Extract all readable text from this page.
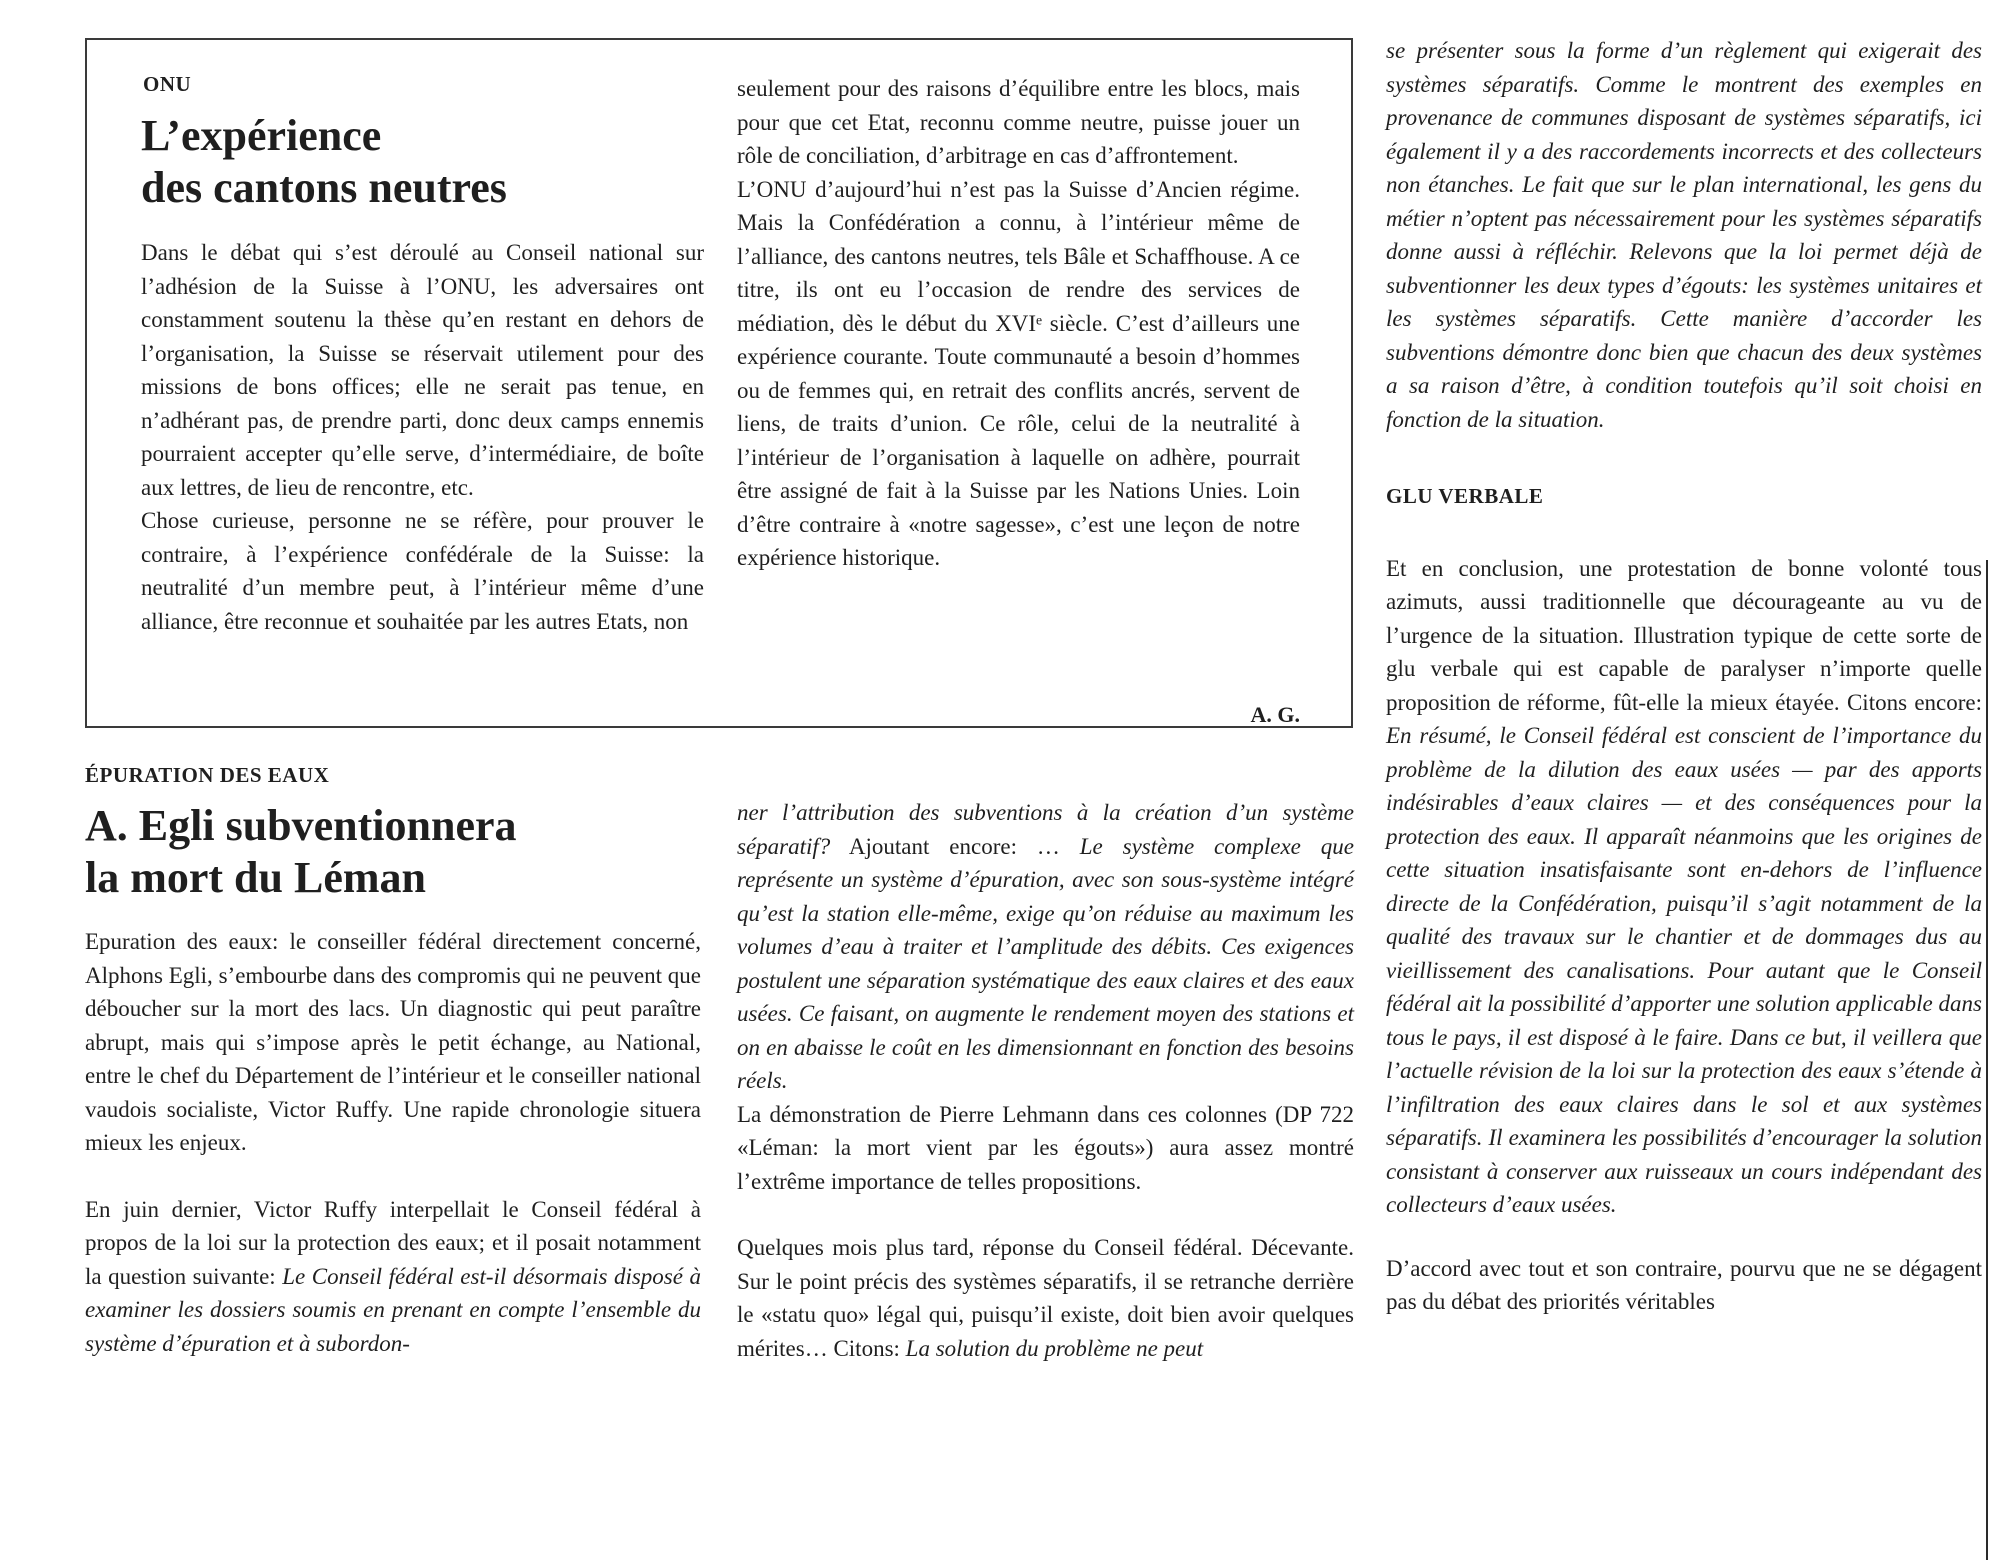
ONU
L’expérience
des cantons neutres

Dans le débat qui s’est déroulé au Conseil national sur l’adhésion de la Suisse à l’ONU, les adversaires ont constamment soutenu la thèse qu’en restant en dehors de l’organisation, la Suisse se réservait utilement pour des missions de bons offices; elle ne serait pas tenue, en n’adhérant pas, de prendre parti, donc deux camps ennemis pourraient accepter qu’elle serve, d’intermédiaire, de boîte aux lettres, de lieu de rencontre, etc.

Chose curieuse, personne ne se réfère, pour prouver le contraire, à l’expérience confédérale de la Suisse: la neutralité d’un membre peut, à l’intérieur même d’une alliance, être reconnue et souhaitée par les autres Etats, non

seulement pour des raisons d’équilibre entre les blocs, mais pour que cet Etat, reconnu comme neutre, puisse jouer un rôle de conciliation, d’arbitrage en cas d’affrontement.

L’ONU d’aujourd’hui n’est pas la Suisse d’Ancien régime. Mais la Confédération a connu, à l’intérieur même de l’alliance, des cantons neutres, tels Bâle et Schaffhouse. A ce titre, ils ont eu l’occasion de rendre des services de médiation, dès le début du XVIᵉ siècle. C’est d’ailleurs une expérience courante. Toute communauté a besoin d’hommes ou de femmes qui, en retrait des conflits ancrés, servent de liens, de traits d’union. Ce rôle, celui de la neutralité à l’intérieur de l’organisation à laquelle on adhère, pourrait être assigné de fait à la Suisse par les Nations Unies. Loin d’être contraire à «notre sagesse», c’est une leçon de notre expérience historique.

A. G.
ÉPURATION DES EAUX
A. Egli subventionnera
la mort du Léman

Epuration des eaux: le conseiller fédéral directement concerné, Alphons Egli, s’embourbe dans des compromis qui ne peuvent que déboucher sur la mort des lacs. Un diagnostic qui peut paraître abrupt, mais qui s’impose après le petit échange, au National, entre le chef du Département de l’intérieur et le conseiller national vaudois socialiste, Victor Ruffy. Une rapide chronologie situera mieux les enjeux.

En juin dernier, Victor Ruffy interpellait le Conseil fédéral à propos de la loi sur la protection des eaux; et il posait notamment la question suivante: Le Conseil fédéral est-il désormais disposé à examiner les dossiers soumis en prenant en compte l’ensemble du système d’épuration et à subordon-

ner l’attribution des subventions à la création d’un système séparatif? Ajoutant encore: … Le système complexe que représente un système d’épuration, avec son sous-système intégré qu’est la station elle-même, exige qu’on réduise au maximum les volumes d’eau à traiter et l’amplitude des débits. Ces exigences postulent une séparation systématique des eaux claires et des eaux usées. Ce faisant, on augmente le rendement moyen des stations et on en abaisse le coût en les dimensionnant en fonction des besoins réels.

La démonstration de Pierre Lehmann dans ces colonnes (DP 722 «Léman: la mort vient par les égouts») aura assez montré l’extrême importance de telles propositions.

Quelques mois plus tard, réponse du Conseil fédéral. Décevante. Sur le point précis des systèmes séparatifs, il se retranche derrière le «statu quo» légal qui, puisqu’il existe, doit bien avoir quelques mérites… Citons: La solution du problème ne peut

se présenter sous la forme d’un règlement qui exigerait des systèmes séparatifs. Comme le montrent des exemples en provenance de communes disposant de systèmes séparatifs, ici également il y a des raccordements incorrects et des collecteurs non étanches. Le fait que sur le plan international, les gens du métier n’optent pas nécessairement pour les systèmes séparatifs donne aussi à réfléchir. Relevons que la loi permet déjà de subventionner les deux types d’égouts: les systèmes unitaires et les systèmes séparatifs. Cette manière d’accorder les subventions démontre donc bien que chacun des deux systèmes a sa raison d’être, à condition toutefois qu’il soit choisi en fonction de la situation.

GLU VERBALE

Et en conclusion, une protestation de bonne volonté tous azimuts, aussi traditionnelle que décourageante au vu de l’urgence de la situation. Illustration typique de cette sorte de glu verbale qui est capable de paralyser n’importe quelle proposition de réforme, fût-elle la mieux étayée. Citons encore: En résumé, le Conseil fédéral est conscient de l’importance du problème de la dilution des eaux usées — par des apports indésirables d’eaux claires — et des conséquences pour la protection des eaux. Il apparaît néanmoins que les origines de cette situation insatisfaisante sont en-dehors de l’influence directe de la Confédération, puisqu’il s’agit notamment de la qualité des travaux sur le chantier et de dommages dus au vieillissement des canalisations. Pour autant que le Conseil fédéral ait la possibilité d’apporter une solution applicable dans tous le pays, il est disposé à le faire. Dans ce but, il veillera que l’actuelle révision de la loi sur la protection des eaux s’étende à l’infiltration des eaux claires dans le sol et aux systèmes séparatifs. Il examinera les possibilités d’encourager la solution consistant à conserver aux ruisseaux un cours indépendant des collecteurs d’eaux usées.

D’accord avec tout et son contraire, pourvu que ne se dégagent pas du débat des priorités véritables
